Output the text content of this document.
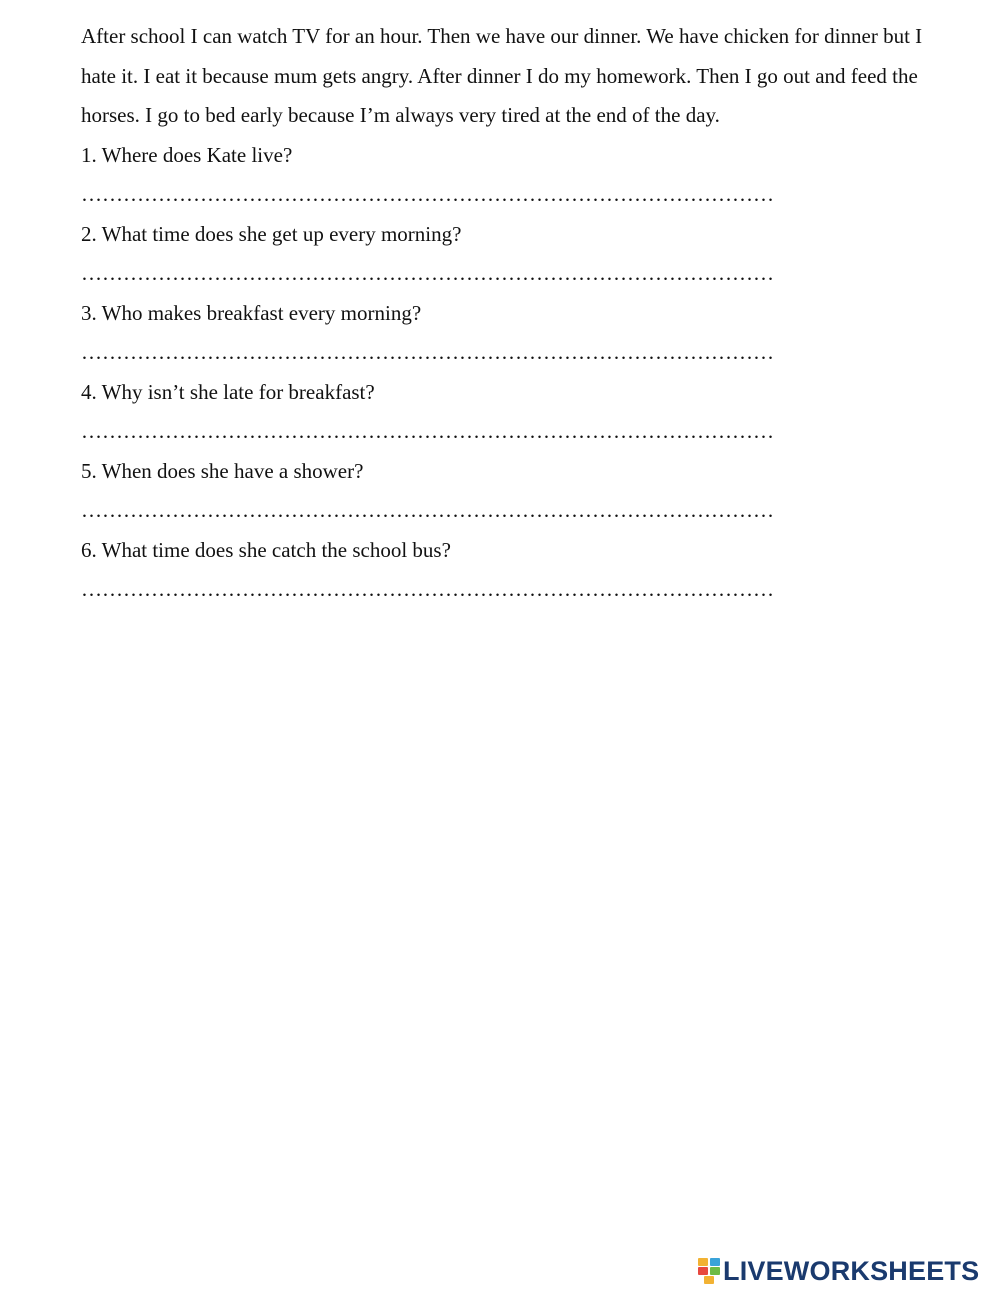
After school I can watch TV for an hour. Then we have our dinner. We have chicken for dinner but I hate it. I eat it because mum gets angry. After dinner I do my homework. Then I go out and feed the horses. I go to bed early because I’m always very tired at the end of the day.

1. Where does Kate live?

………………………………………………………………………………………

2. What time does she get up every morning?

………………………………………………………………………………………

3. Who makes breakfast every morning?

………………………………………………………………………………………

4. Why isn’t she late for breakfast?

………………………………………………………………………………………

5. When does she have a shower?

………………………………………………………………………………………

6. What time does she catch the school bus?

………………………………………………………………………………………

LIVEWORKSHEETS
